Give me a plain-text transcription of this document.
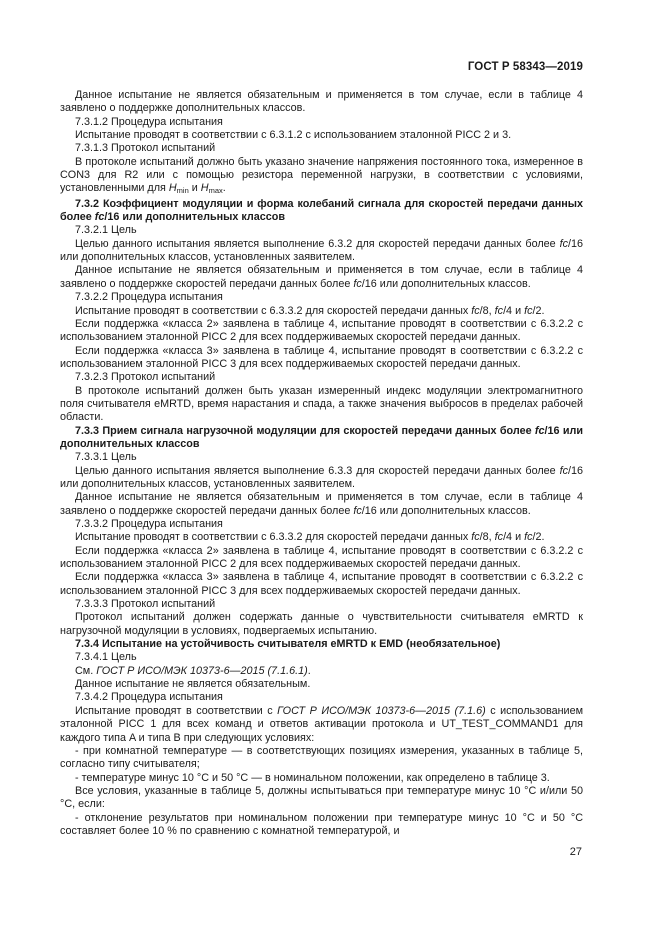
ГОСТ Р 58343—2019

Данное испытание не является обязательным и применяется в том случае, если в таблице 4 заявлено о поддержке дополнительных классов.

7.3.1.2 Процедура испытания

Испытание проводят в соответствии с 6.3.1.2 с использованием эталонной PICC 2 и 3.

7.3.1.3 Протокол испытаний

В протоколе испытаний должно быть указано значение напряжения постоянного тока, измеренное в CON3 для R2 или с помощью резистора переменной нагрузки, в соответствии с условиями, установленными для $H_{min}$ и $H_{max}$.

7.3.2 Коэффициент модуляции и форма колебаний сигнала для скоростей передачи данных более fc/16 или дополнительных классов

7.3.2.1 Цель

Целью данного испытания является выполнение 6.3.2 для скоростей передачи данных более fc/16 или дополнительных классов, установленных заявителем.

Данное испытание не является обязательным и применяется в том случае, если в таблице 4 заявлено о поддержке скоростей передачи данных более fc/16 или дополнительных классов.

7.3.2.2 Процедура испытания

Испытание проводят в соответствии с 6.3.3.2 для скоростей передачи данных fc/8, fc/4 и fc/2.

Если поддержка «класса 2» заявлена в таблице 4, испытание проводят в соответствии с 6.3.2.2 с использованием эталонной PICC 2 для всех поддерживаемых скоростей передачи данных.

Если поддержка «класса 3» заявлена в таблице 4, испытание проводят в соответствии с 6.3.2.2 с использованием эталонной PICC 3 для всех поддерживаемых скоростей передачи данных.

7.3.2.3 Протокол испытаний

В протоколе испытаний должен быть указан измеренный индекс модуляции электромагнитного поля считывателя eMRTD, время нарастания и спада, а также значения выбросов в пределах рабочей области.

7.3.3 Прием сигнала нагрузочной модуляции для скоростей передачи данных более fc/16 или дополнительных классов

7.3.3.1 Цель

Целью данного испытания является выполнение 6.3.3 для скоростей передачи данных более fc/16 или дополнительных классов, установленных заявителем.

Данное испытание не является обязательным и применяется в том случае, если в таблице 4 заявлено о поддержке скоростей передачи данных более fc/16 или дополнительных классов.

7.3.3.2 Процедура испытания

Испытание проводят в соответствии с 6.3.3.2 для скоростей передачи данных fc/8, fc/4 и fc/2.

Если поддержка «класса 2» заявлена в таблице 4, испытание проводят в соответствии с 6.3.2.2 с использованием эталонной PICC 2 для всех поддерживаемых скоростей передачи данных.

Если поддержка «класса 3» заявлена в таблице 4, испытание проводят в соответствии с 6.3.2.2 с использованием эталонной PICC 3 для всех поддерживаемых скоростей передачи данных.

7.3.3.3 Протокол испытаний

Протокол испытаний должен содержать данные о чувствительности считывателя eMRTD к нагрузочной модуляции в условиях, подвергаемых испытанию.

7.3.4 Испытание на устойчивость считывателя eMRTD к EMD (необязательное)

7.3.4.1 Цель

См. ГОСТ Р ИСО/МЭК 10373-6—2015 (7.1.6.1).

Данное испытание не является обязательным.

7.3.4.2 Процедура испытания

Испытание проводят в соответствии с ГОСТ Р ИСО/МЭК 10373-6—2015 (7.1.6) с использованием эталонной PICC 1 для всех команд и ответов активации протокола и UT_TEST_COMMAND1 для каждого типа A и типа B при следующих условиях:

- при комнатной температуре — в соответствующих позициях измерения, указанных в таблице 5, согласно типу считывателя;

- температуре минус 10 °C и 50 °C — в номинальном положении, как определено в таблице 3.

Все условия, указанные в таблице 5, должны испытываться при температуре минус 10 °C и/или 50 °C, если:

- отклонение результатов при номинальном положении при температуре минус 10 °C и 50 °C составляет более 10 % по сравнению с комнатной температурой, и

27
